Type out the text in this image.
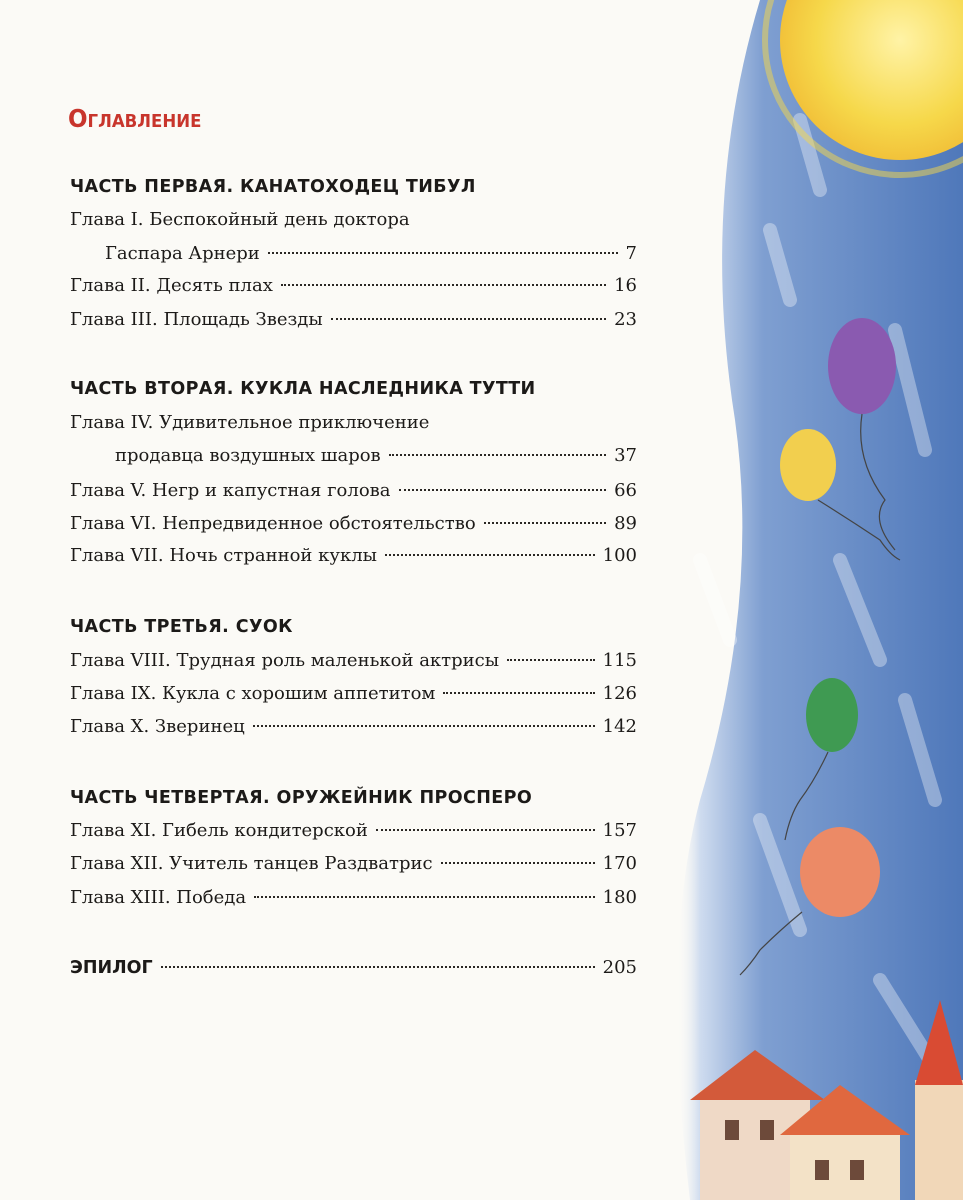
Оглавление
ЧАСТЬ ПЕРВАЯ. КАНАТОХОДЕЦ ТИБУЛ
Глава I. Беспокойный день доктора
Гаспара Арнери	7
Глава II. Десять плах	16
Глава III. Площадь Звезды	23
ЧАСТЬ ВТОРАЯ. КУКЛА НАСЛЕДНИКА ТУТТИ
Глава IV. Удивительное приключение
продавца воздушных шаров	37
Глава V. Негр и капустная голова	66
Глава VI. Непредвиденное обстоятельство	89
Глава VII. Ночь странной куклы	100
ЧАСТЬ ТРЕТЬЯ. СУОК
Глава VIII. Трудная роль маленькой актрисы	115
Глава IX. Кукла с хорошим аппетитом	126
Глава X. Зверинец	142
ЧАСТЬ ЧЕТВЕРТАЯ. ОРУЖЕЙНИК ПРОСПЕРО
Глава XI. Гибель кондитерской	157
Глава XII. Учитель танцев Раздватрис	170
Глава XIII. Победа	180
ЭПИЛОГ	205
